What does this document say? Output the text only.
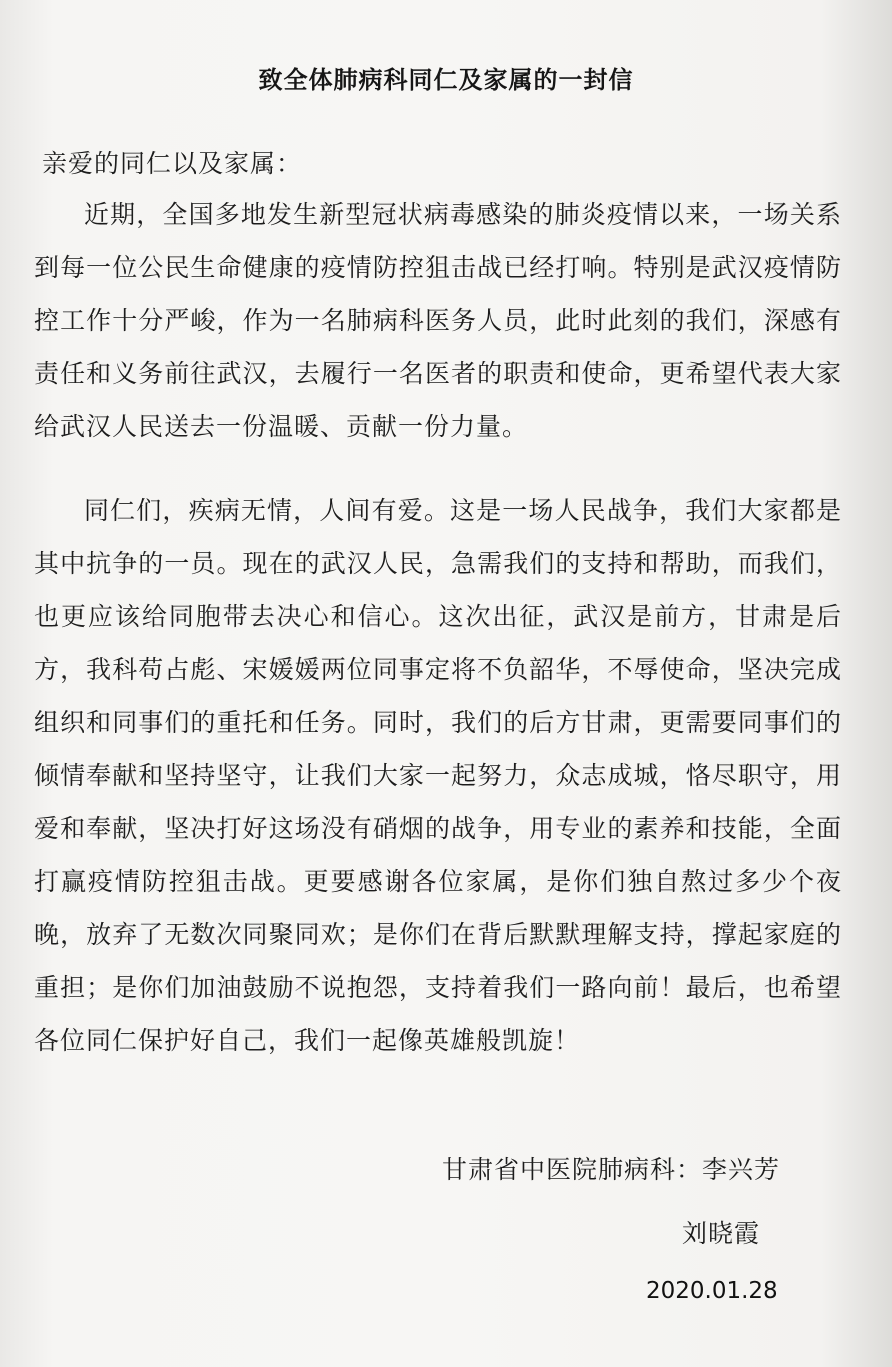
致全体肺病科同仁及家属的一封信
亲爱的同仁以及家属：

近期，全国多地发生新型冠状病毒感染的肺炎疫情以来，一场关系到每一位公民生命健康的疫情防控狙击战已经打响。特别是武汉疫情防控工作十分严峻，作为一名肺病科医务人员，此时此刻的我们，深感有责任和义务前往武汉，去履行一名医者的职责和使命，更希望代表大家给武汉人民送去一份温暖、贡献一份力量。

同仁们，疾病无情，人间有爱。这是一场人民战争，我们大家都是其中抗争的一员。现在的武汉人民，急需我们的支持和帮助，而我们，也更应该给同胞带去决心和信心。这次出征，武汉是前方，甘肃是后方，我科苟占彪、宋媛媛两位同事定将不负韶华，不辱使命，坚决完成组织和同事们的重托和任务。同时，我们的后方甘肃，更需要同事们的倾情奉献和坚持坚守，让我们大家一起努力，众志成城，恪尽职守，用爱和奉献，坚决打好这场没有硝烟的战争，用专业的素养和技能，全面打赢疫情防控狙击战。更要感谢各位家属，是你们独自熬过多少个夜晚，放弃了无数次同聚同欢；是你们在背后默默理解支持，撑起家庭的重担；是你们加油鼓励不说抱怨，支持着我们一路向前！最后，也希望各位同仁保护好自己，我们一起像英雄般凯旋！

甘肃省中医院肺病科：李兴芳
刘晓霞
2020.01.28
